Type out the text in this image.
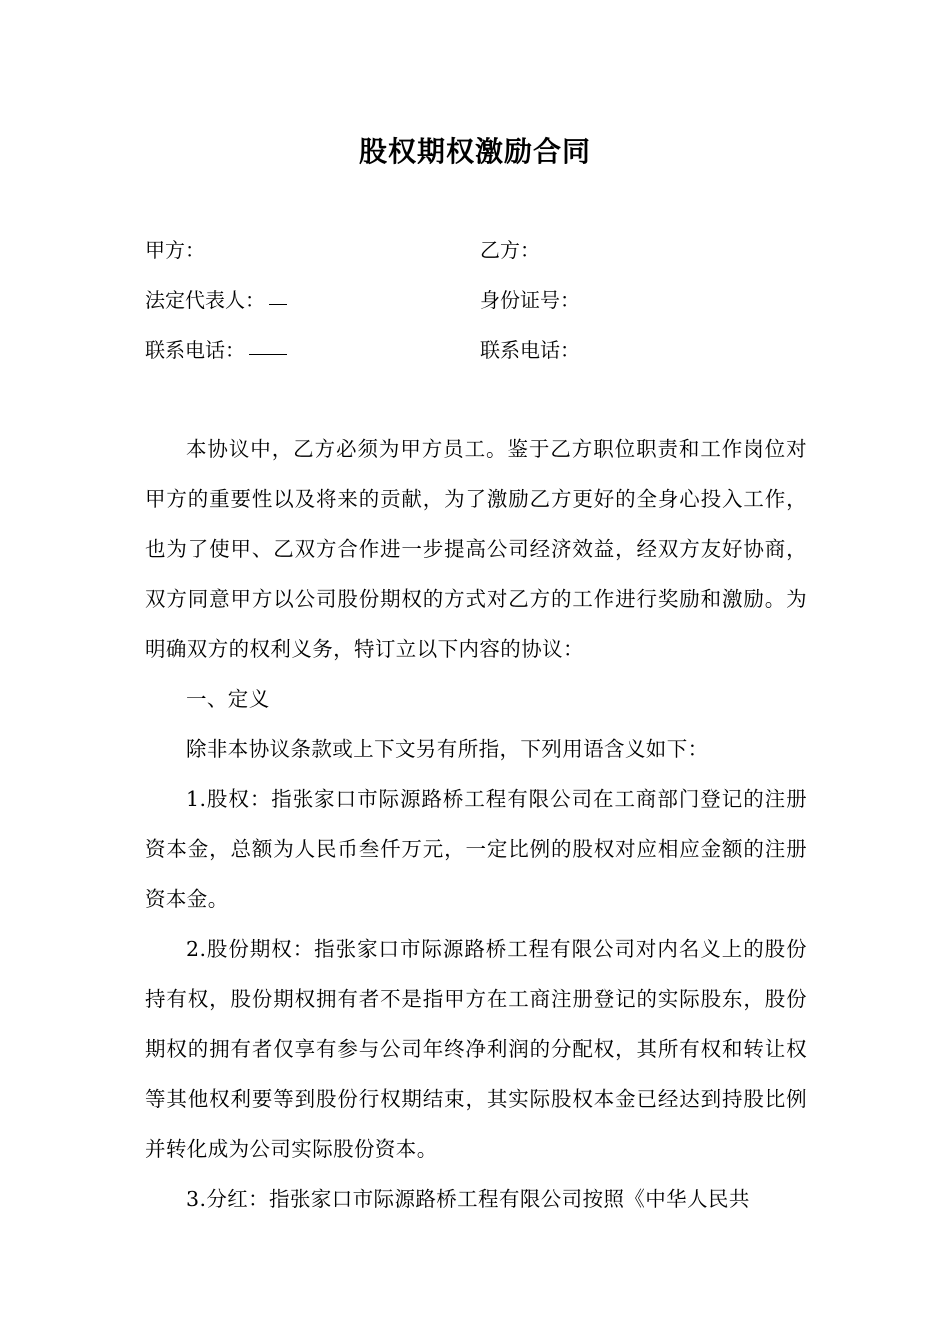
股权期权激励合同
甲方：	乙方：
法定代表人：	身份证号：
联系电话：	联系电话：

本协议中，乙方必须为甲方员工。鉴于乙方职位职责和工作岗位对甲方的重要性以及将来的贡献，为了激励乙方更好的全身心投入工作，也为了使甲、乙双方合作进一步提高公司经济效益，经双方友好协商，双方同意甲方以公司股份期权的方式对乙方的工作进行奖励和激励。为明确双方的权利义务，特订立以下内容的协议：

一、定义

除非本协议条款或上下文另有所指，下列用语含义如下：

1.股权：指张家口市际源路桥工程有限公司在工商部门登记的注册资本金，总额为人民币叁仟万元，一定比例的股权对应相应金额的注册资本金。

2.股份期权：指张家口市际源路桥工程有限公司对内名义上的股份持有权，股份期权拥有者不是指甲方在工商注册登记的实际股东，股份期权的拥有者仅享有参与公司年终净利润的分配权，其所有权和转让权等其他权利要等到股份行权期结束，其实际股权本金已经达到持股比例并转化成为公司实际股份资本。

3.分红：指张家口市际源路桥工程有限公司按照《中华人民共
